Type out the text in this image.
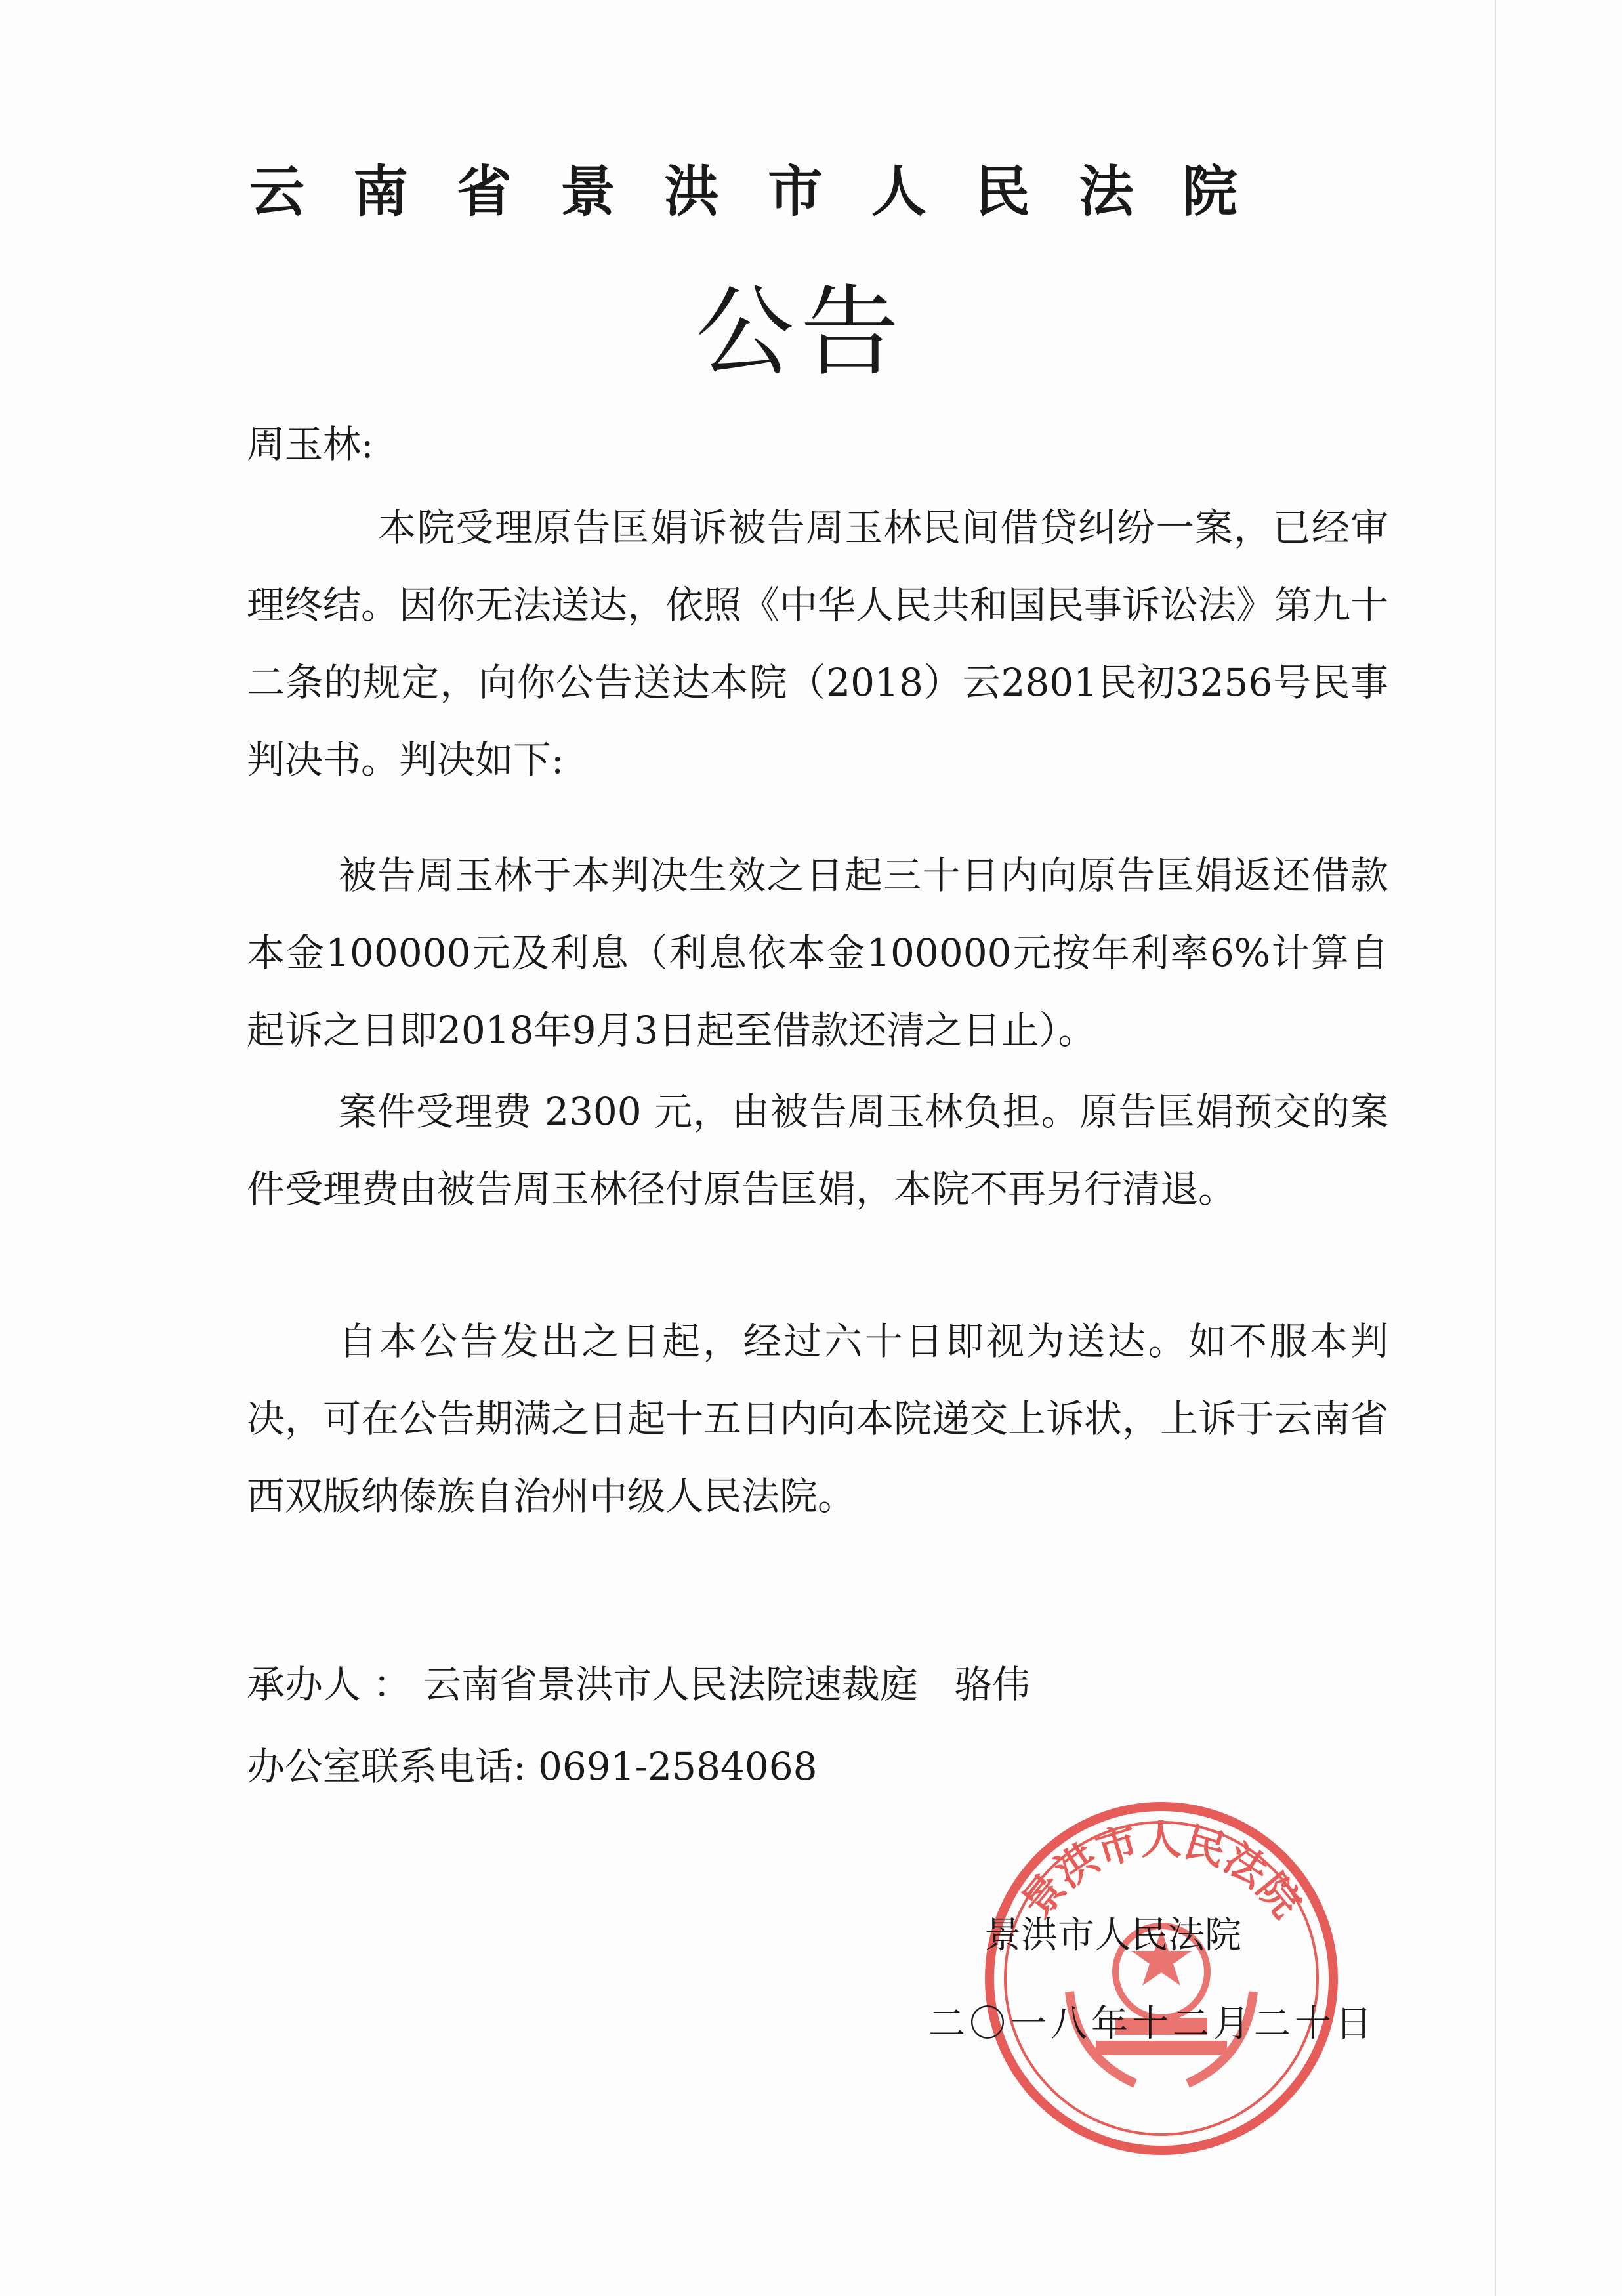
云南省景洪市人民法院
公告
周玉林:
本院受理原告匡娟诉被告周玉林民间借贷纠纷一案，已经审理终结。因你无法送达，依照《中华人民共和国民事诉讼法》第九十二条的规定，向你公告送达本院（2018）云2801民初3256号民事判决书。判决如下:
被告周玉林于本判决生效之日起三十日内向原告匡娟返还借款本金100000元及利息（利息依本金100000元按年利率6%计算自起诉之日即2018年9月3日起至借款还清之日止）。
案件受理费 2300 元，由被告周玉林负担。原告匡娟预交的案件受理费由被告周玉林径付原告匡娟，本院不再另行清退。
自本公告发出之日起，经过六十日即视为送达。如不服本判决，可在公告期满之日起十五日内向本院递交上诉状，上诉于云南省西双版纳傣族自治州中级人民法院。
承办人 ： 云南省景洪市人民法院速裁庭   骆伟
办公室联系电话: 0691-2584068
景洪市人民法院
景洪市人民法院
二〇一八年十二月二十日
